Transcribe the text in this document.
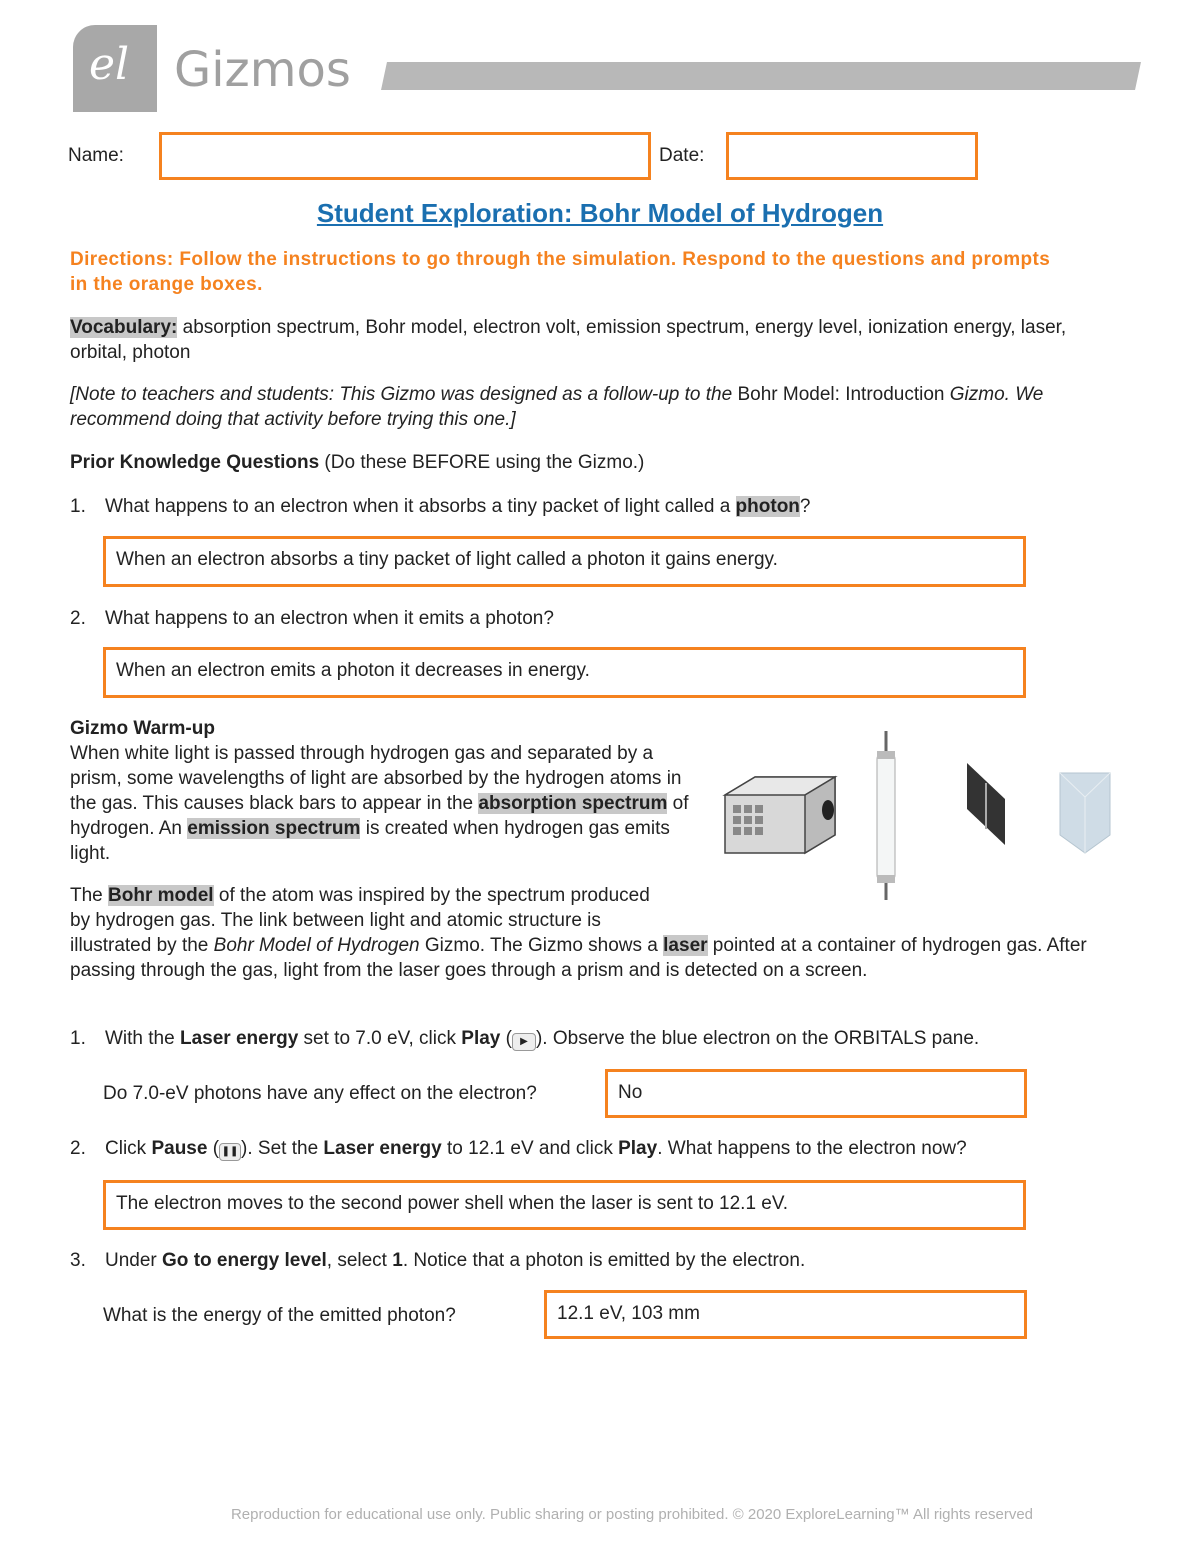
el Gizmos
Name:	Date:
Student Exploration: Bohr Model of Hydrogen
Directions: Follow the instructions to go through the simulation. Respond to the questions and prompts in the orange boxes.
Vocabulary: absorption spectrum, Bohr model, electron volt, emission spectrum, energy level, ionization energy, laser, orbital, photon
[Note to teachers and students: This Gizmo was designed as a follow-up to the Bohr Model: Introduction Gizmo. We recommend doing that activity before trying this one.]
Prior Knowledge Questions (Do these BEFORE using the Gizmo.)
1. What happens to an electron when it absorbs a tiny packet of light called a photon?
When an electron absorbs a tiny packet of light called a photon it gains energy.
2. What happens to an electron when it emits a photon?
When an electron emits a photon it decreases in energy.
Gizmo Warm-up
When white light is passed through hydrogen gas and separated by a prism, some wavelengths of light are absorbed by the hydrogen atoms in the gas. This causes black bars to appear in the absorption spectrum of hydrogen. An emission spectrum is created when hydrogen gas emits light.
The Bohr model of the atom was inspired by the spectrum produced by hydrogen gas. The link between light and atomic structure is illustrated by the Bohr Model of Hydrogen Gizmo. The Gizmo shows a laser pointed at a container of hydrogen gas. After passing through the gas, light from the laser goes through a prism and is detected on a screen.
1. With the Laser energy set to 7.0 eV, click Play ( ▶ ). Observe the blue electron on the ORBITALS pane.
Do 7.0-eV photons have any effect on the electron?	No
2. Click Pause ( ❚❚ ). Set the Laser energy to 12.1 eV and click Play. What happens to the electron now?
The electron moves to the second power shell when the laser is sent to 12.1 eV.
3. Under Go to energy level, select 1. Notice that a photon is emitted by the electron.
What is the energy of the emitted photon?	12.1 eV, 103 mm
Reproduction for educational use only. Public sharing or posting prohibited. © 2020 ExploreLearning™ All rights reserved
